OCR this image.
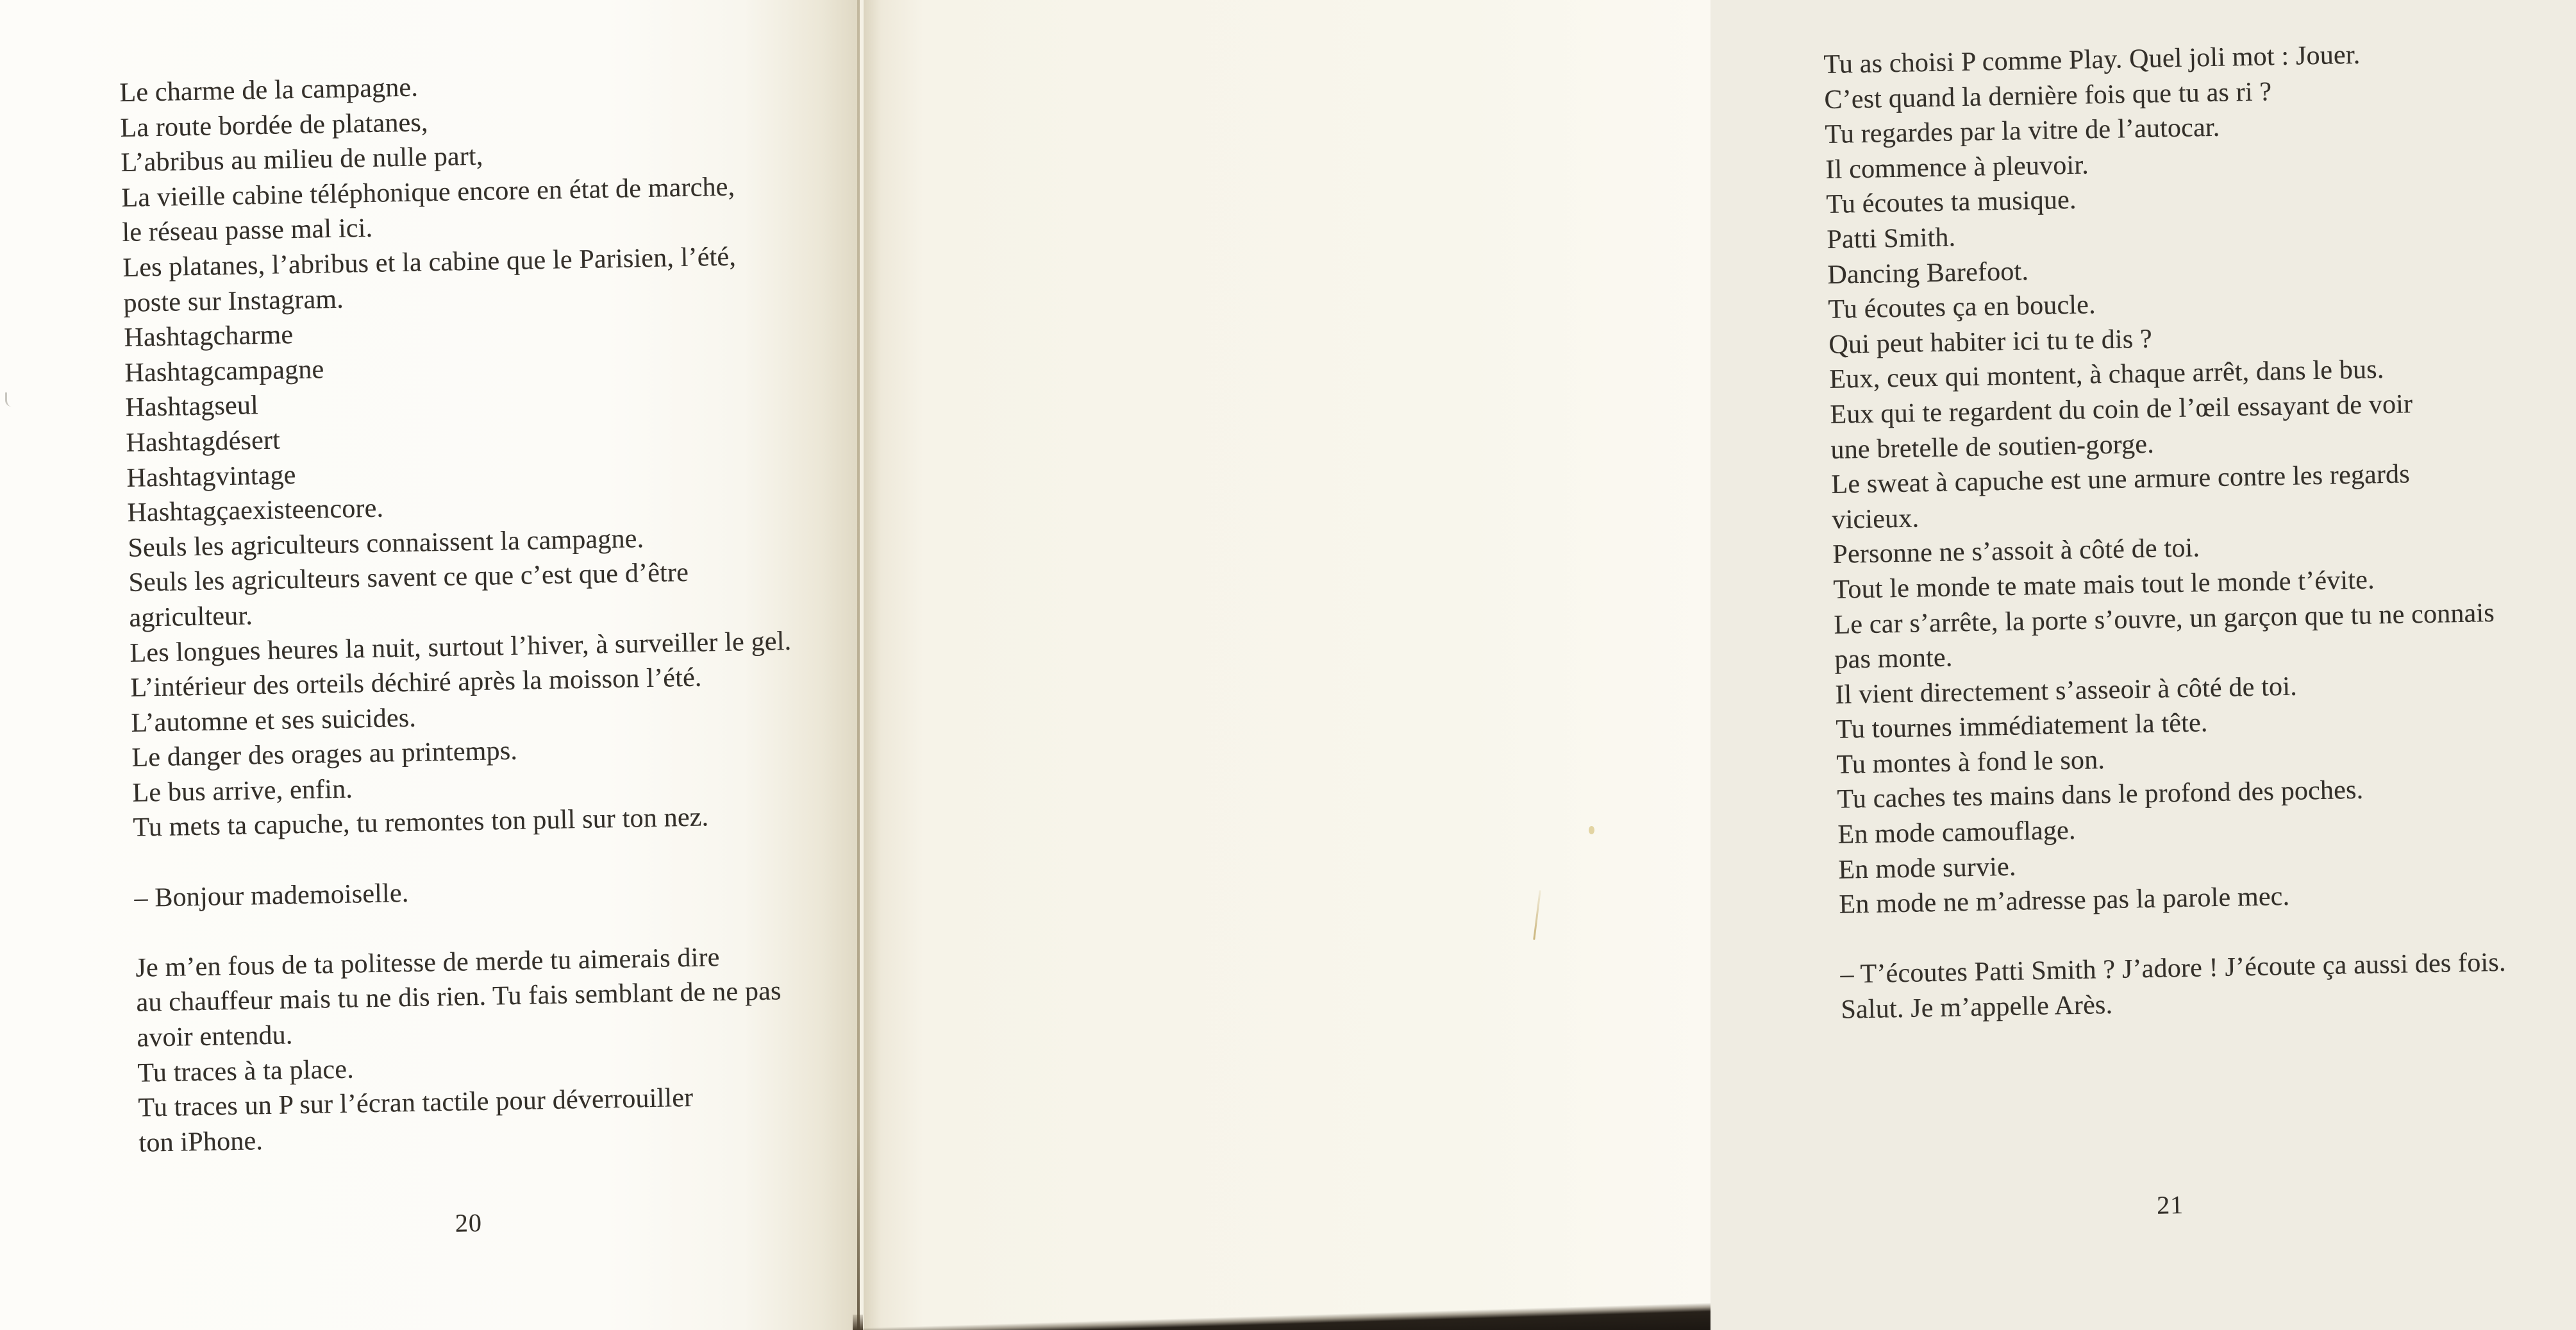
Le charme de la campagne.
La route bordée de platanes,
L’abribus au milieu de nulle part,
La vieille cabine téléphonique encore en état de marche,
le réseau passe mal ici.
Les platanes, l’abribus et la cabine que le Parisien, l’été,
poste sur Instagram.
Hashtagcharme
Hashtagcampagne
Hashtagseul
Hashtagdésert
Hashtagvintage
Hashtagçaexisteencore.
Seuls les agriculteurs connaissent la campagne.
Seuls les agriculteurs savent ce que c’est que d’être
agriculteur.
Les longues heures la nuit, surtout l’hiver, à surveiller le gel.
L’intérieur des orteils déchiré après la moisson l’été.
L’automne et ses suicides.
Le danger des orages au printemps.
Le bus arrive, enfin.
Tu mets ta capuche, tu remontes ton pull sur ton nez.

– Bonjour mademoiselle.

Je m’en fous de ta politesse de merde tu aimerais dire
au chauffeur mais tu ne dis rien. Tu fais semblant de ne pas
avoir entendu.
Tu traces à ta place.
Tu traces un P sur l’écran tactile pour déverrouiller
ton iPhone.
20
Tu as choisi P comme Play. Quel joli mot : Jouer.
C’est quand la dernière fois que tu as ri ?
Tu regardes par la vitre de l’autocar.
Il commence à pleuvoir.
Tu écoutes ta musique.
Patti Smith.
Dancing Barefoot.
Tu écoutes ça en boucle.
Qui peut habiter ici tu te dis ?
Eux, ceux qui montent, à chaque arrêt, dans le bus.
Eux qui te regardent du coin de l’œil essayant de voir
une bretelle de soutien-gorge.
Le sweat à capuche est une armure contre les regards
vicieux.
Personne ne s’assoit à côté de toi.
Tout le monde te mate mais tout le monde t’évite.
Le car s’arrête, la porte s’ouvre, un garçon que tu ne connais
pas monte.
Il vient directement s’asseoir à côté de toi.
Tu tournes immédiatement la tête.
Tu montes à fond le son.
Tu caches tes mains dans le profond des poches.
En mode camouflage.
En mode survie.
En mode ne m’adresse pas la parole mec.

– T’écoutes Patti Smith ? J’adore ! J’écoute ça aussi des fois.
Salut. Je m’appelle Arès.
21
